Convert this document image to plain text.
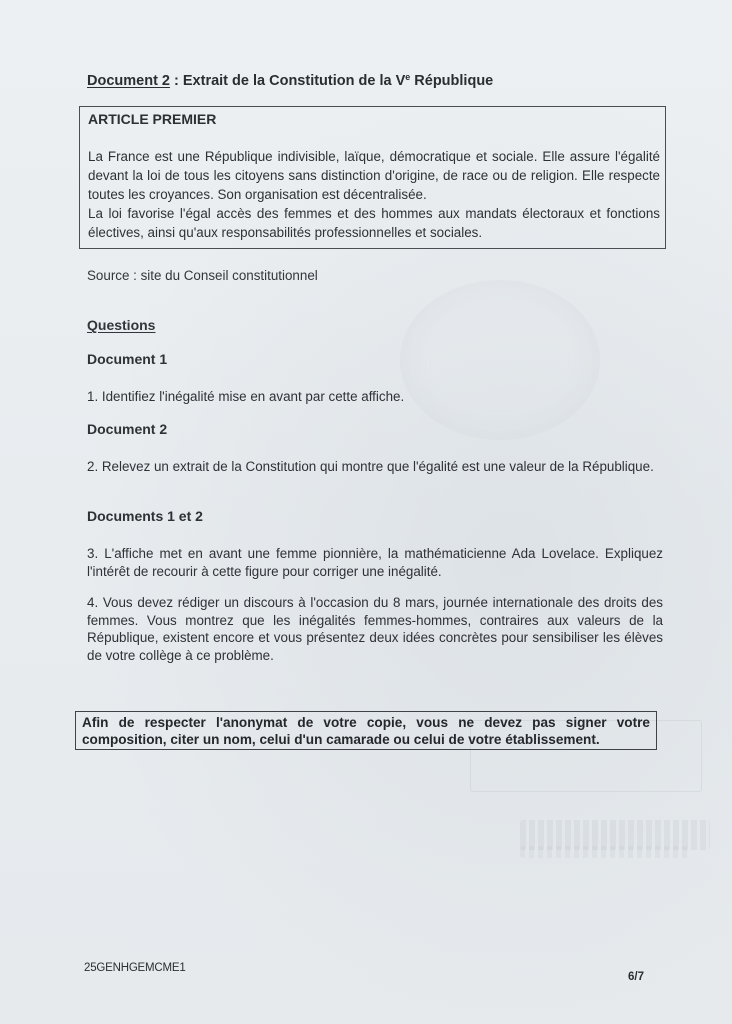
Document 2 : Extrait de la Constitution de la Ve République
ARTICLE PREMIER

La France est une République indivisible, laïque, démocratique et sociale. Elle assure l'égalité devant la loi de tous les citoyens sans distinction d'origine, de race ou de religion. Elle respecte toutes les croyances. Son organisation est décentralisée.

La loi favorise l'égal accès des femmes et des hommes aux mandats électoraux et fonctions électives, ainsi qu'aux responsabilités professionnelles et sociales.

Source : site du Conseil constitutionnel
Questions
Document 1
1. Identifiez l'inégalité mise en avant par cette affiche.
Document 2
2. Relevez un extrait de la Constitution qui montre que l'égalité est une valeur de la République.
Documents 1 et 2
3. L'affiche met en avant une femme pionnière, la mathématicienne Ada Lovelace. Expliquez l'intérêt de recourir à cette figure pour corriger une inégalité.
4. Vous devez rédiger un discours à l'occasion du 8 mars, journée internationale des droits des femmes. Vous montrez que les inégalités femmes-hommes, contraires aux valeurs de la République, existent encore et vous présentez deux idées concrètes pour sensibiliser les élèves de votre collège à ce problème.
Afin de respecter l'anonymat de votre copie, vous ne devez pas signer votre
composition, citer un nom, celui d'un camarade ou celui de votre établissement.
25GENHGEMCME1
6/7
